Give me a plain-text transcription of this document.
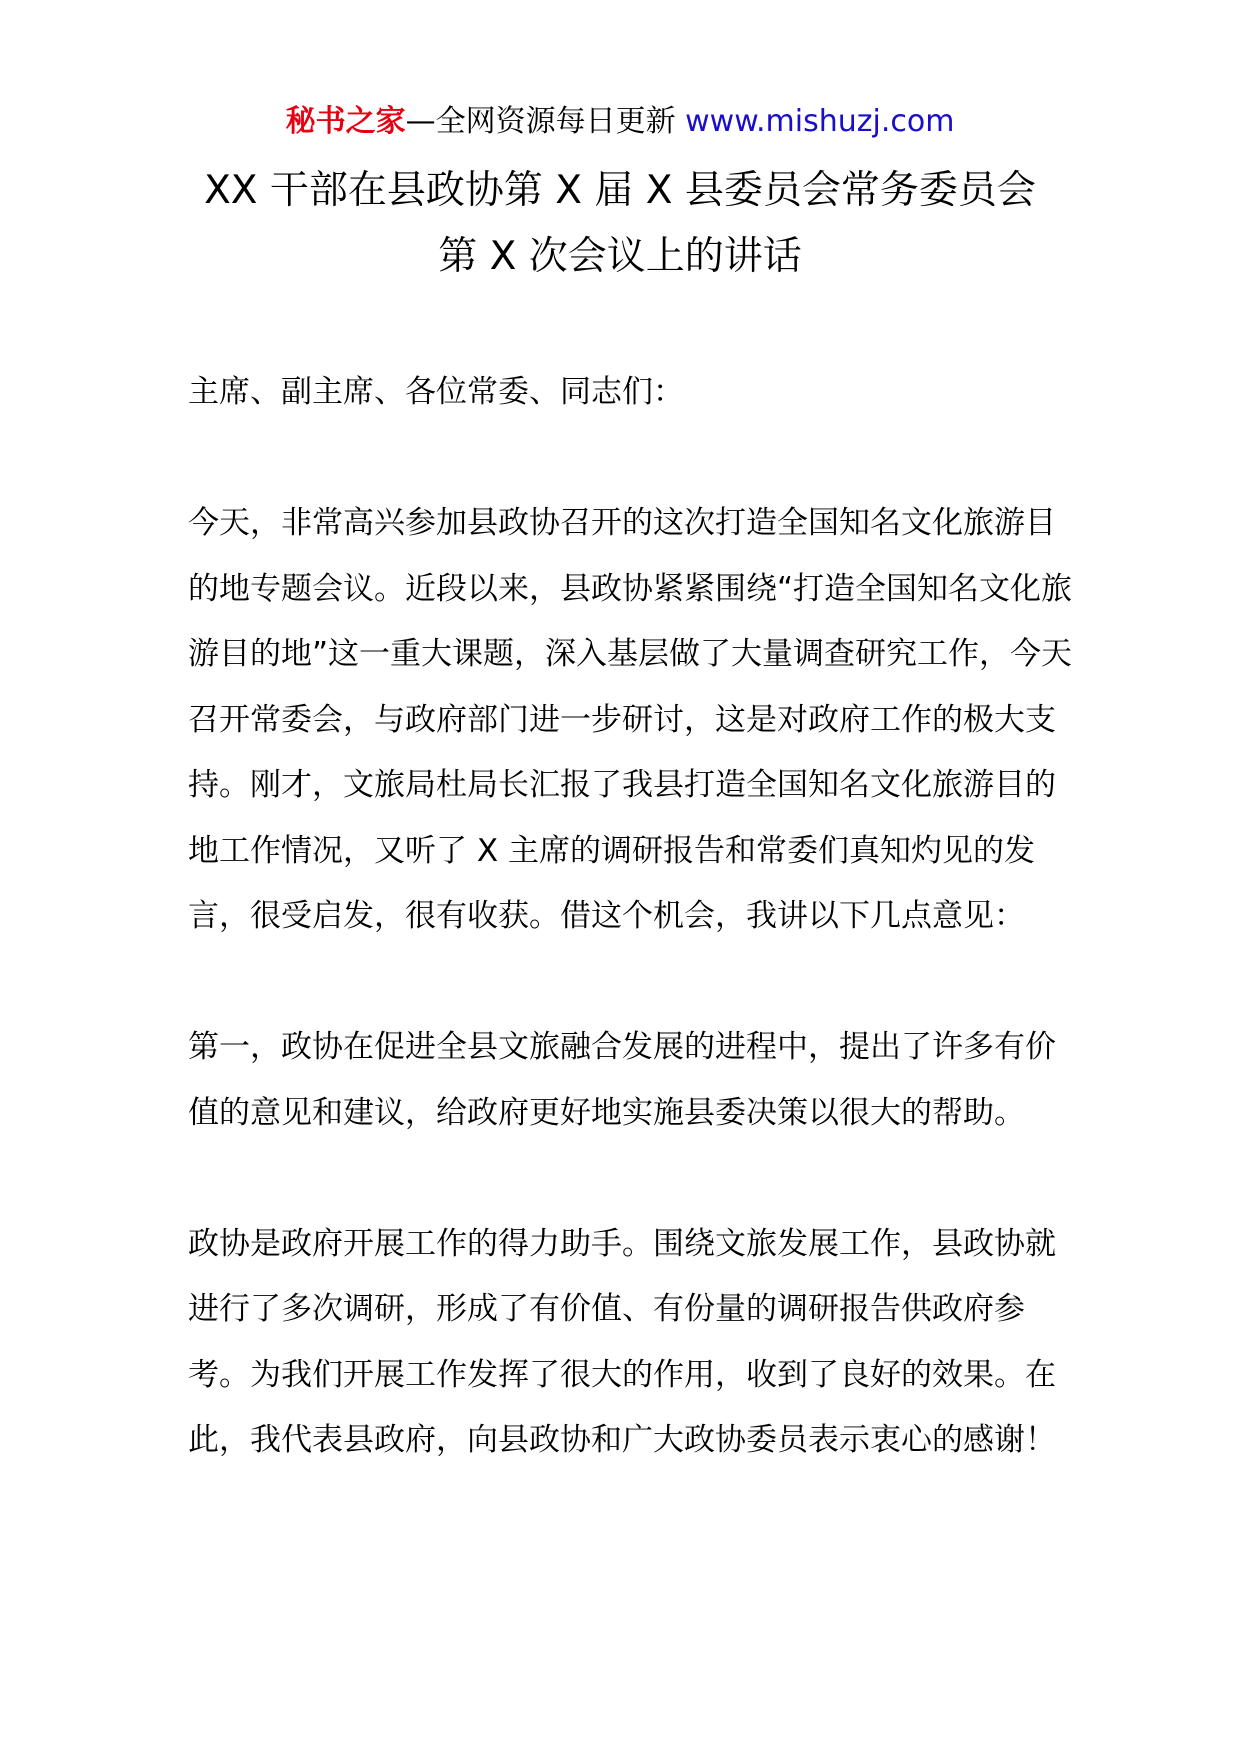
秘书之家—全网资源每日更新 www.mishuzj.com
XX 干部在县政协第 X 届 X 县委员会常务委员会
第 X 次会议上的讲话

主席、副主席、各位常委、同志们：

今天，非常高兴参加县政协召开的这次打造全国知名文化旅游目的地专题会议。近段以来，县政协紧紧围绕“打造全国知名文化旅游目的地”这一重大课题，深入基层做了大量调查研究工作，今天召开常委会，与政府部门进一步研讨，这是对政府工作的极大支持。刚才，文旅局杜局长汇报了我县打造全国知名文化旅游目的地工作情况，又听了 X 主席的调研报告和常委们真知灼见的发言，很受启发，很有收获。借这个机会，我讲以下几点意见：

第一，政协在促进全县文旅融合发展的进程中，提出了许多有价值的意见和建议，给政府更好地实施县委决策以很大的帮助。

政协是政府开展工作的得力助手。围绕文旅发展工作，县政协就进行了多次调研，形成了有价值、有份量的调研报告供政府参考。为我们开展工作发挥了很大的作用，收到了良好的效果。在此，我代表县政府，向县政协和广大政协委员表示衷心的感谢！
